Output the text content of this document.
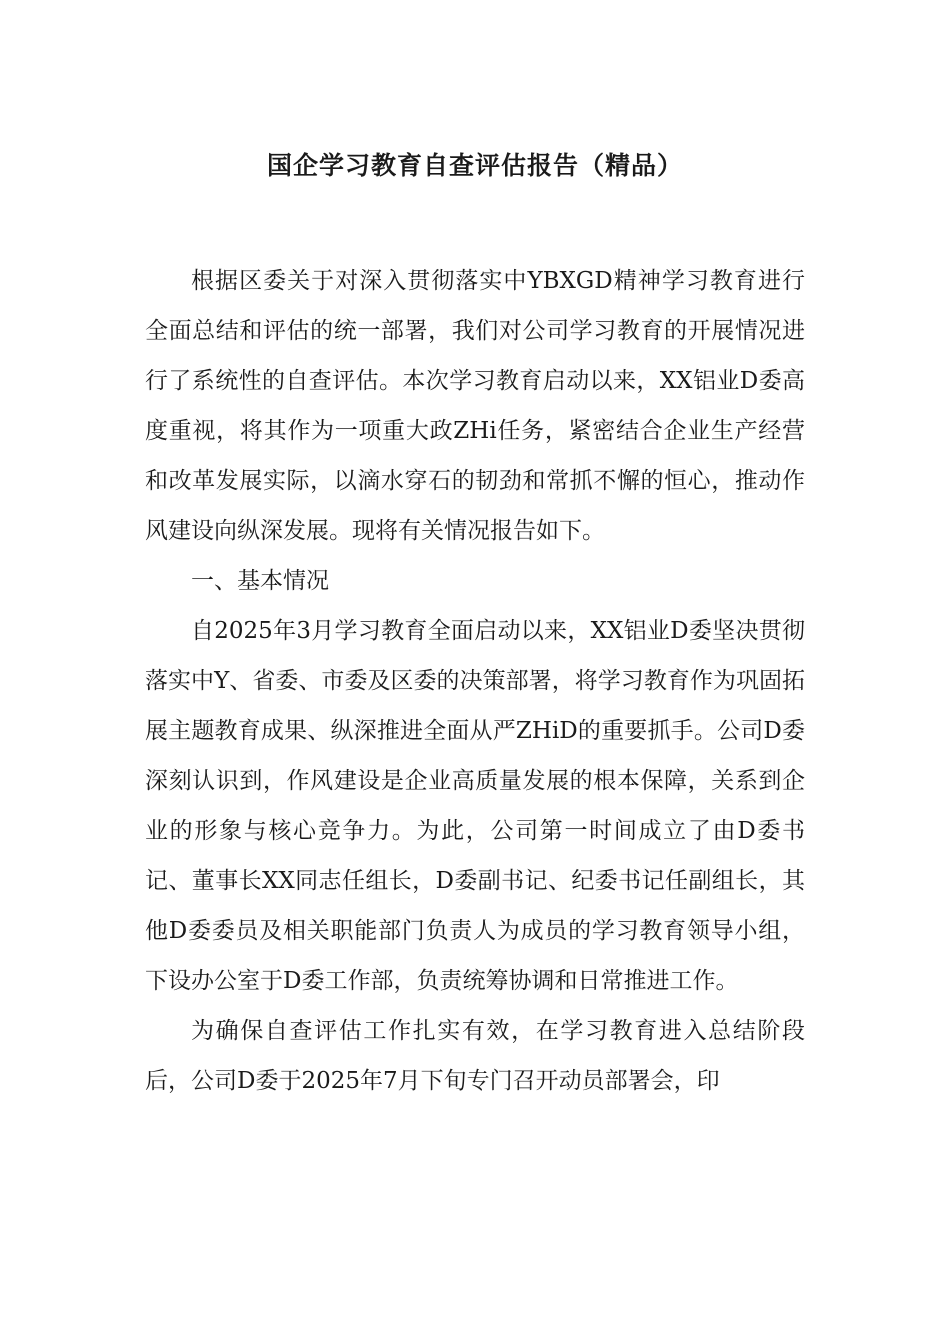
国企学习教育自查评估报告（精品）

根据区委关于对深入贯彻落实中YBXGD精神学习教育进行全面总结和评估的统一部署，我们对公司学习教育的开展情况进行了系统性的自查评估。本次学习教育启动以来，XX铝业D委高度重视，将其作为一项重大政ZHi任务，紧密结合企业生产经营和改革发展实际，以滴水穿石的韧劲和常抓不懈的恒心，推动作风建设向纵深发展。现将有关情况报告如下。

一、基本情况

自2025年3月学习教育全面启动以来，XX铝业D委坚决贯彻落实中Y、省委、市委及区委的决策部署，将学习教育作为巩固拓展主题教育成果、纵深推进全面从严ZHiD的重要抓手。公司D委深刻认识到，作风建设是企业高质量发展的根本保障，关系到企业的形象与核心竞争力。为此，公司第一时间成立了由D委书记、董事长XX同志任组长，D委副书记、纪委书记任副组长，其他D委委员及相关职能部门负责人为成员的学习教育领导小组，下设办公室于D委工作部，负责统筹协调和日常推进工作。

为确保自查评估工作扎实有效，在学习教育进入总结阶段后，公司D委于2025年7月下旬专门召开动员部署会，印
